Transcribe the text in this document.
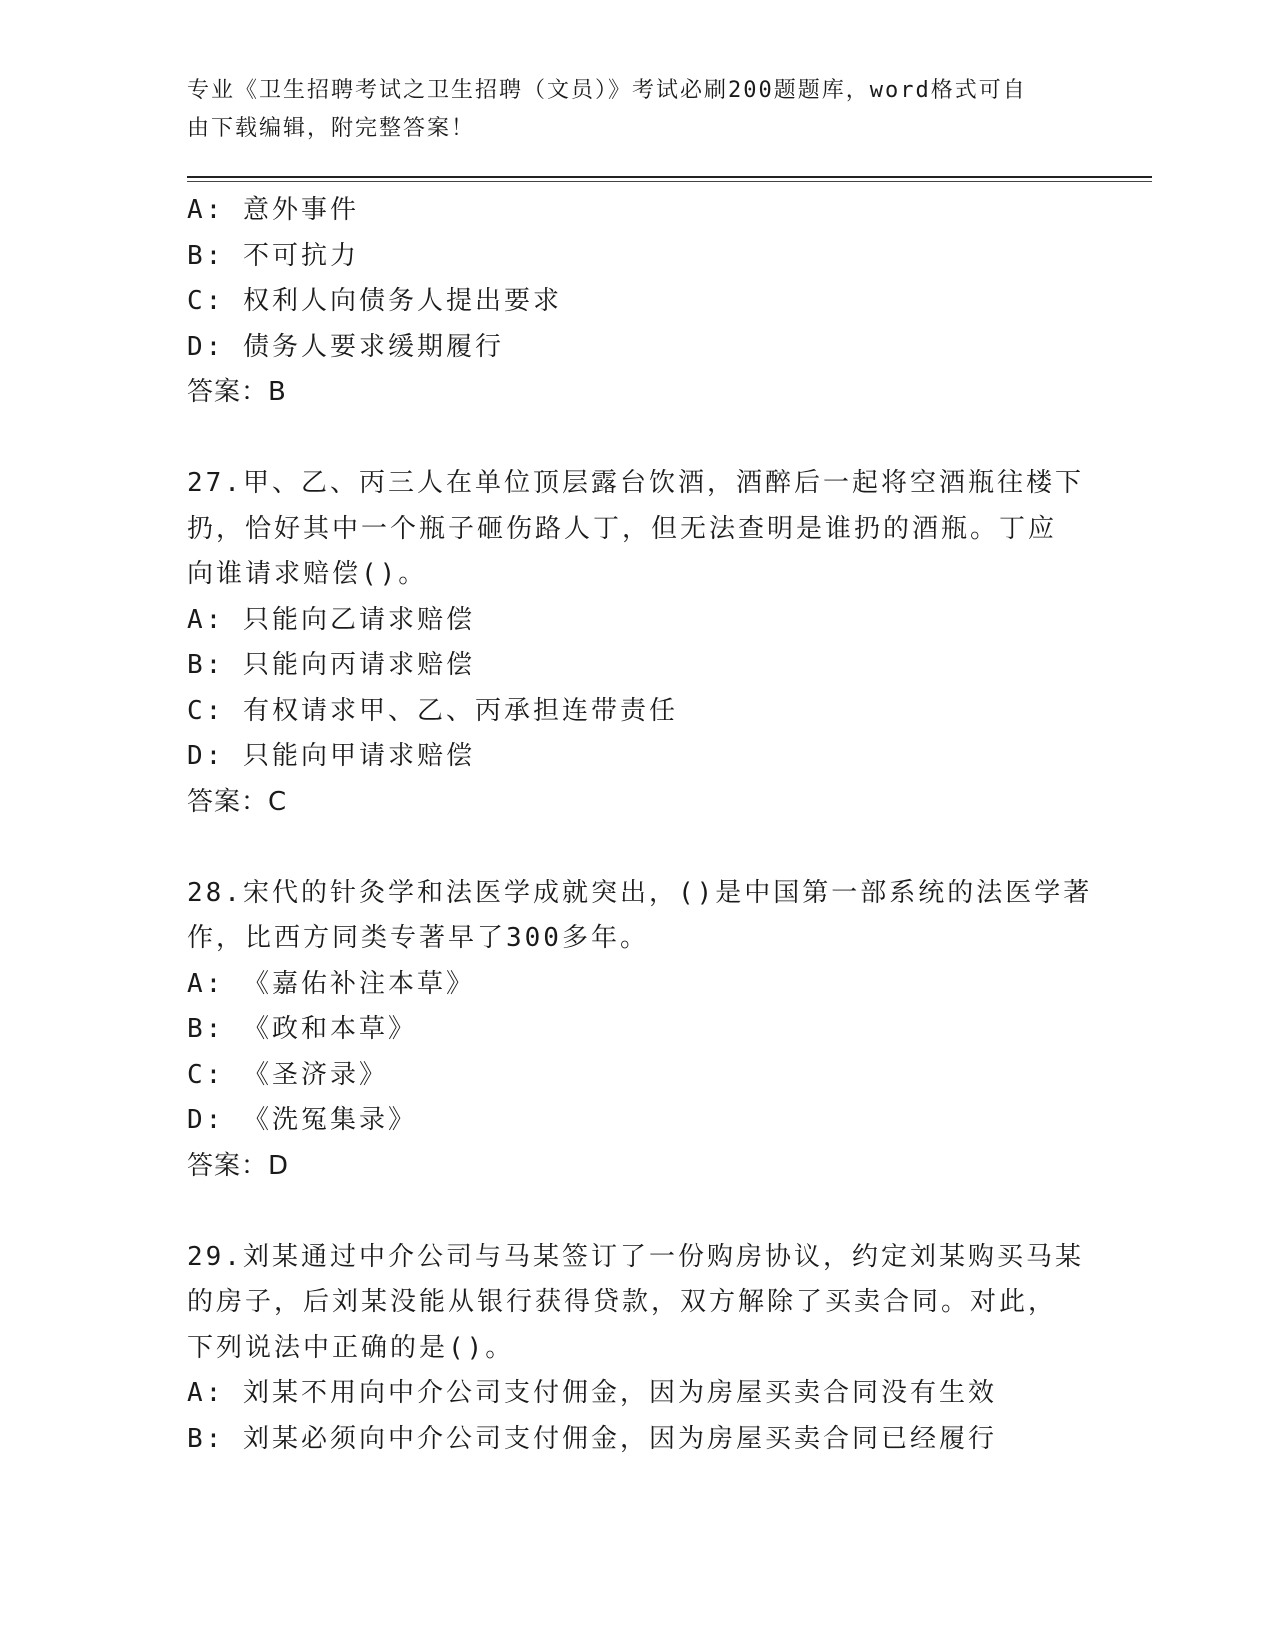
专业《卫生招聘考试之卫生招聘（文员）》考试必刷200题题库，word格式可自
由下载编辑，附完整答案！
A: 意外事件
B: 不可抗力
C: 权利人向债务人提出要求
D: 债务人要求缓期履行
答案：B
27.甲、乙、丙三人在单位顶层露台饮酒，酒醉后一起将空酒瓶往楼下
扔，恰好其中一个瓶子砸伤路人丁，但无法查明是谁扔的酒瓶。丁应
向谁请求赔偿()。
A: 只能向乙请求赔偿
B: 只能向丙请求赔偿
C: 有权请求甲、乙、丙承担连带责任
D: 只能向甲请求赔偿
答案：C
28.宋代的针灸学和法医学成就突出，()是中国第一部系统的法医学著
作，比西方同类专著早了300多年。
A: 《嘉佑补注本草》
B: 《政和本草》
C: 《圣济录》
D: 《洗冤集录》
答案：D
29.刘某通过中介公司与马某签订了一份购房协议，约定刘某购买马某
的房子，后刘某没能从银行获得贷款，双方解除了买卖合同。对此，
下列说法中正确的是()。
A: 刘某不用向中介公司支付佣金，因为房屋买卖合同没有生效
B: 刘某必须向中介公司支付佣金，因为房屋买卖合同已经履行
